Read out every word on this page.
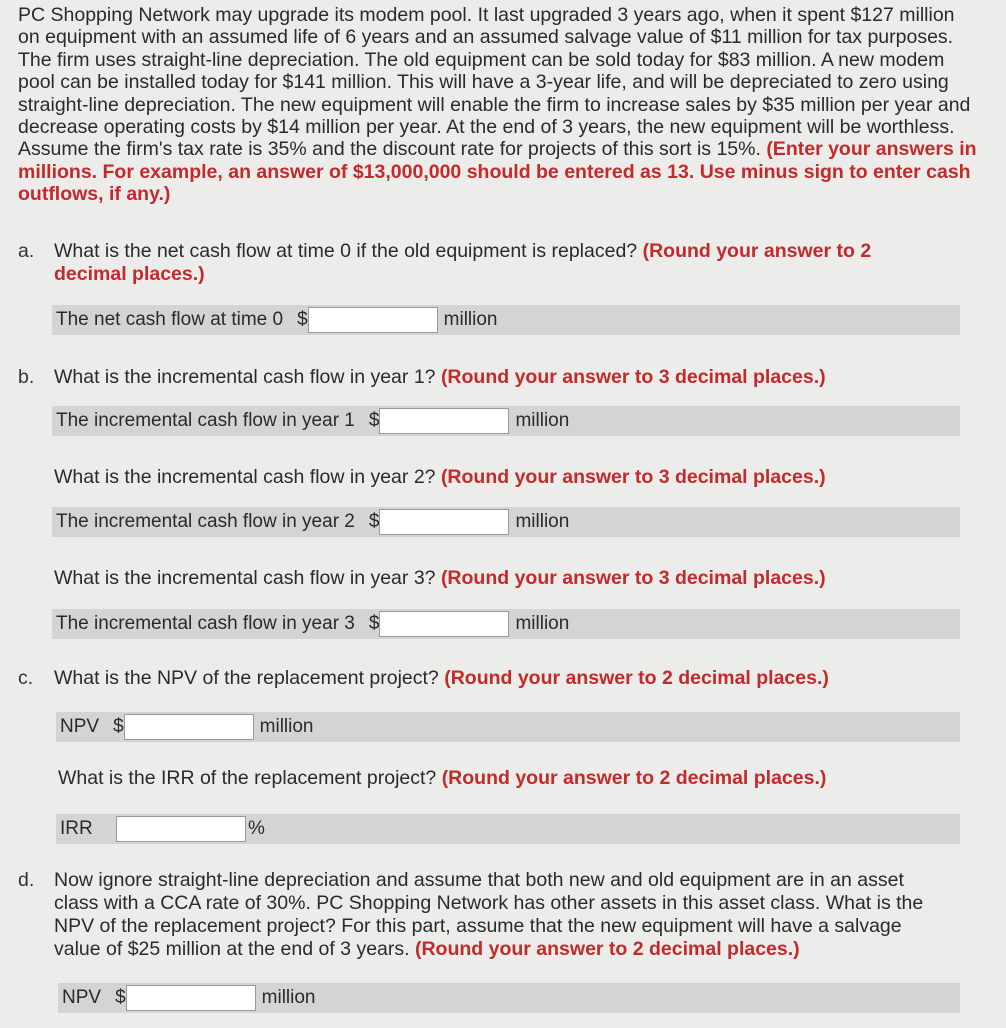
PC Shopping Network may upgrade its modem pool. It last upgraded 3 years ago, when it spent $127 million on equipment with an assumed life of 6 years and an assumed salvage value of $11 million for tax purposes. The firm uses straight-line depreciation. The old equipment can be sold today for $83 million. A new modem pool can be installed today for $141 million. This will have a 3-year life, and will be depreciated to zero using straight-line depreciation. The new equipment will enable the firm to increase sales by $35 million per year and decrease operating costs by $14 million per year. At the end of 3 years, the new equipment will be worthless. Assume the firm's tax rate is 35% and the discount rate for projects of this sort is 15%. (Enter your answers in millions. For example, an answer of $13,000,000 should be entered as 13. Use minus sign to enter cash outflows, if any.)

a. What is the net cash flow at time 0 if the old equipment is replaced? (Round your answer to 2 decimal places.)
The net cash flow at time 0 $	million
b. What is the incremental cash flow in year 1? (Round your answer to 3 decimal places.)
The incremental cash flow in year 1 $	million
What is the incremental cash flow in year 2? (Round your answer to 3 decimal places.)
The incremental cash flow in year 2 $	million
What is the incremental cash flow in year 3? (Round your answer to 3 decimal places.)
The incremental cash flow in year 3 $	million
c. What is the NPV of the replacement project? (Round your answer to 2 decimal places.)
NPV $	million
What is the IRR of the replacement project? (Round your answer to 2 decimal places.)
IRR	%
d. Now ignore straight-line depreciation and assume that both new and old equipment are in an asset class with a CCA rate of 30%. PC Shopping Network has other assets in this asset class. What is the NPV of the replacement project? For this part, assume that the new equipment will have a salvage value of $25 million at the end of 3 years. (Round your answer to 2 decimal places.)
NPV $	million
